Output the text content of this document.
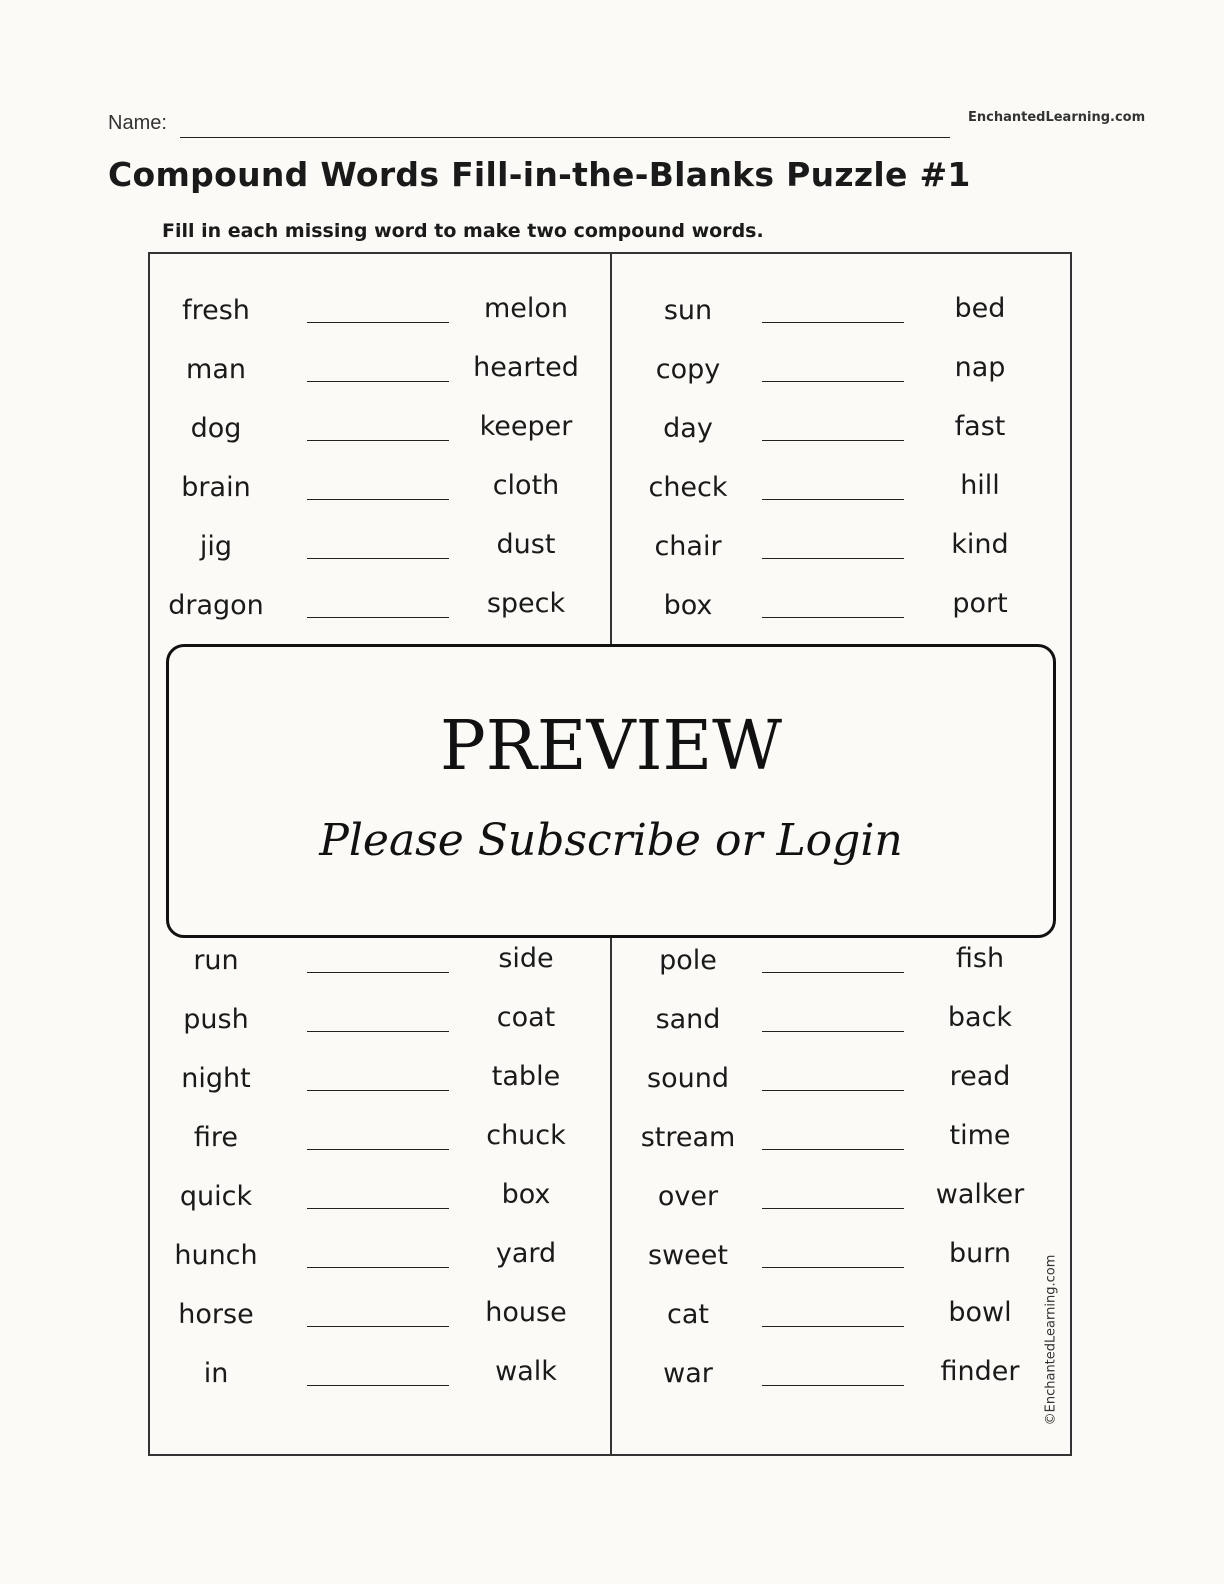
Name:	EnchantedLearning.com
Compound Words Fill-in-the-Blanks Puzzle #1
Fill in each missing word to make two compound words.
fresh	melon
man	hearted
dog	keeper
brain	cloth
jig	dust
dragon	speck
run	side
push	coat
night	table
fire	chuck
quick	box
hunch	yard
horse	house
in	walk
sun	bed
copy	nap
day	fast
check	hill
chair	kind
box	port
pole	fish
sand	back
sound	read
stream	time
over	walker
sweet	burn
cat	bowl
war	finder
PREVIEW
Please Subscribe or Login
©EnchantedLearning.com
